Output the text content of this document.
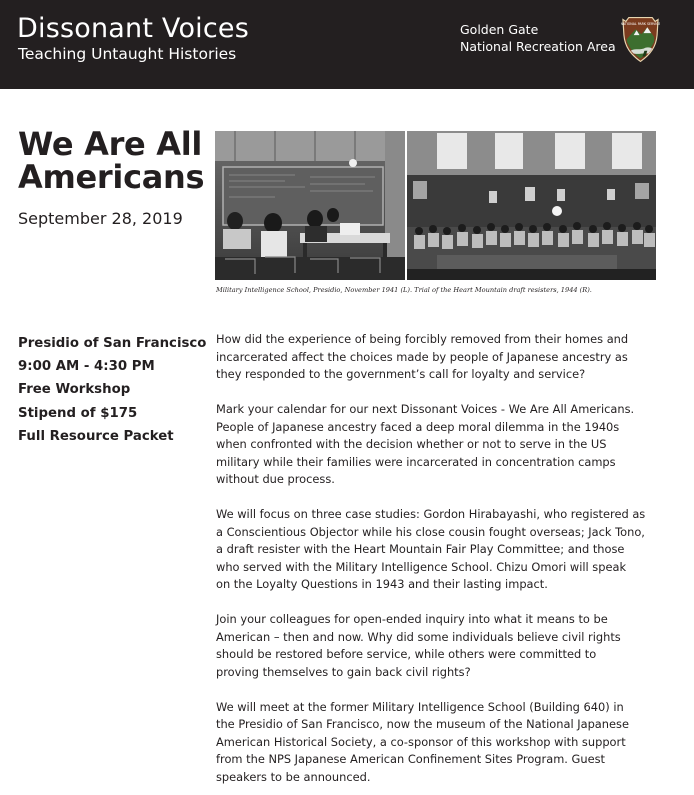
Dissonant Voices
Teaching Untaught Histories
Golden Gate
National Recreation Area
NATIONAL PARK SERVICE
We Are All
Americans
September 28, 2019
Military Intelligence School, Presidio, November 1941 (L). Trial of the Heart Mountain draft resisters, 1944 (R).
Presidio of San Francisco
9:00 AM - 4:30 PM
Free Workshop
Stipend of $175
Full Resource Packet
How did the experience of being forcibly removed from their homes and
incarcerated affect the choices made by people of Japanese ancestry as
they responded to the government’s call for loyalty and service?
Mark your calendar for our next Dissonant Voices - We Are All Americans.
People of Japanese ancestry faced a deep moral dilemma in the 1940s
when confronted with the decision whether or not to serve in the US
military while their families were incarcerated in concentration camps
without due process.
We will focus on three case studies: Gordon Hirabayashi, who registered as
a Conscientious Objector while his close cousin fought overseas; Jack Tono,
a draft resister with the Heart Mountain Fair Play Committee; and those
who served with the Military Intelligence School. Chizu Omori will speak
on the Loyalty Questions in 1943 and their lasting impact.
Join your colleagues for open-ended inquiry into what it means to be
American – then and now. Why did some individuals believe civil rights
should be restored before service, while others were committed to
proving themselves to gain back civil rights?
We will meet at the former Military Intelligence School (Building 640) in
the Presidio of San Francisco, now the museum of the National Japanese
American Historical Society, a co-sponsor of this workshop with support
from the NPS Japanese American Confinement Sites Program. Guest
speakers to be announced.
